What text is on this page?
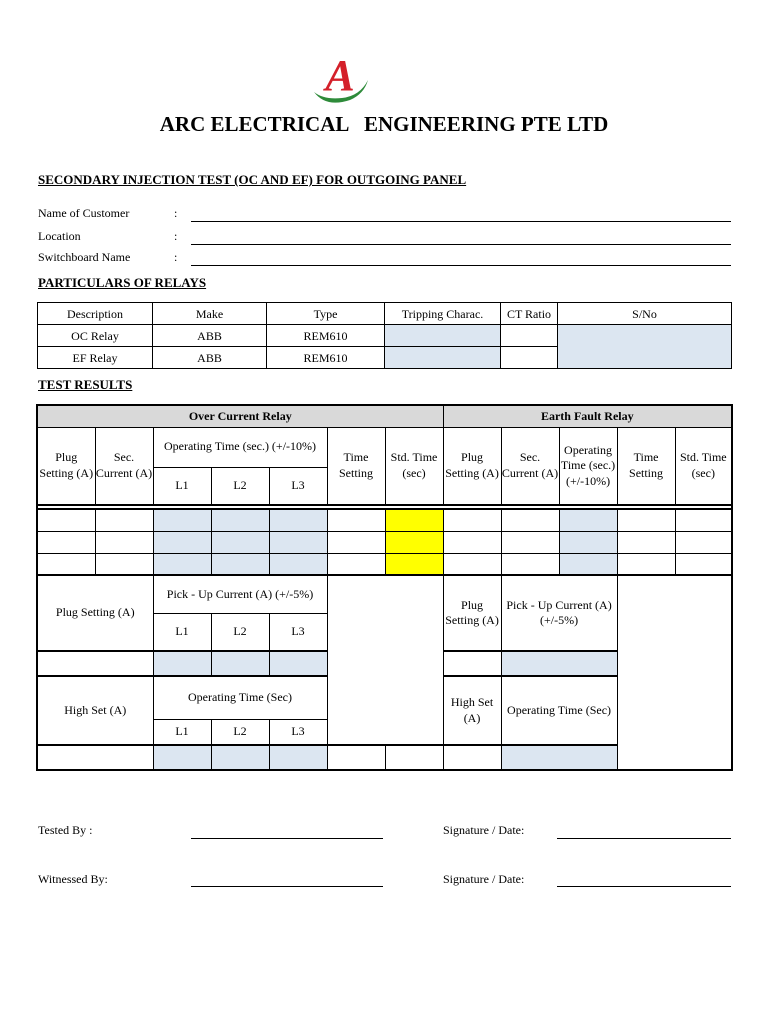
A
ARC ELECTRICAL   ENGINEERING PTE LTD
SECONDARY INJECTION TEST (OC AND EF) FOR OUTGOING PANEL
Name of Customer	:
Location	:
Switchboard Name	:
PARTICULARS OF RELAYS
Description	Make	Type	Tripping Charac.	CT Ratio	S/No
OC Relay	ABB	REM610			
EF Relay	ABB	REM610			
TEST RESULTS
Over Current Relay							Earth Fault Relay				
Plug Setting (A)	Sec. Current (A)	Operating Time (sec.) (+/-10%)			Time Setting	Std. Time (sec)	Plug Setting (A)	Sec. Current (A)	Operating Time (sec.) (+/-10%)	Time Setting	Std. Time (sec)
		L1	L2	L3							

Plug Setting (A)		Pick - Up Current (A) (+/-5%)					Plug Setting (A)	Pick - Up Current (A) (+/-5%)			
		L1	L2	L3							

High Set (A)		Operating Time (Sec)					High Set (A)	Operating Time (Sec)			
		L1	L2	L3							

Tested By :	Signature / Date:
Witnessed By:	Signature / Date:
